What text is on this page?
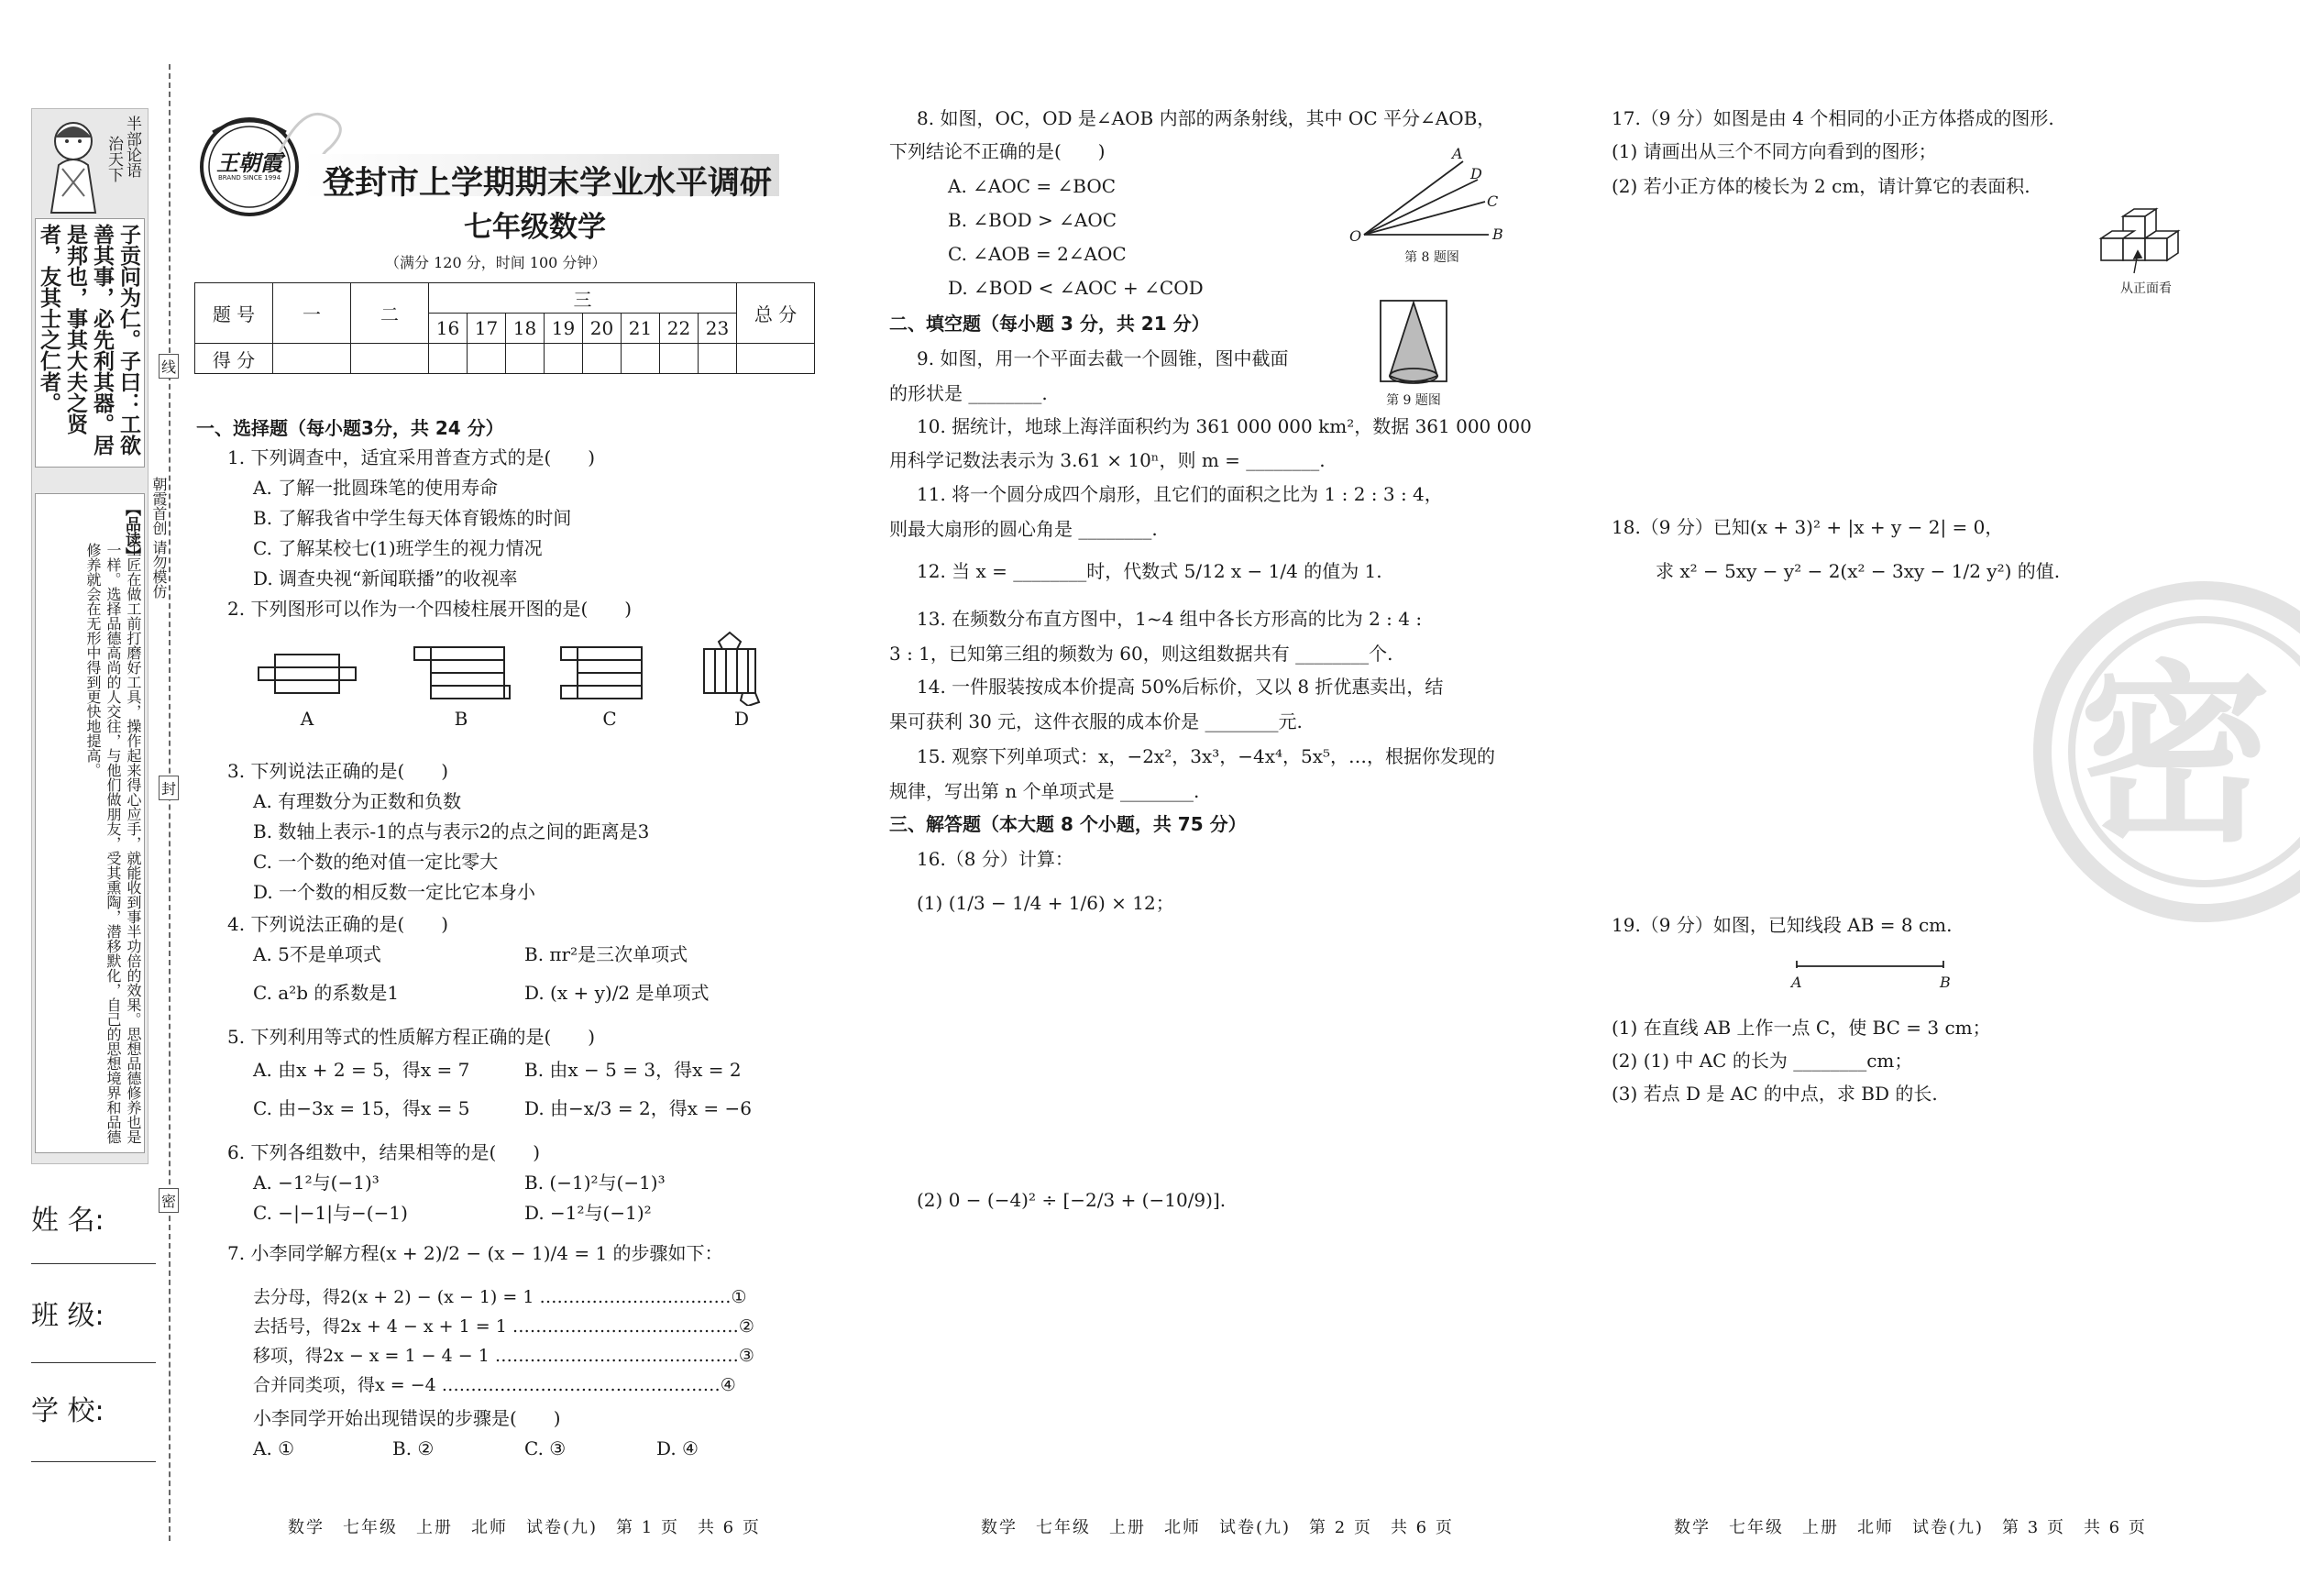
半部论语
治天下
子贡问为仁。子曰：工欲善其事，必先利其器。居是邦也，事其大夫之贤者，友其士之仁者。
【品读】
工匠在做工前打磨好工具，操作起来得心应手，就能收到事半功倍的效果。思想品德修养也是一样。选择品德高尚的人交往，与他们做朋友，受其熏陶，潜移默化，自己的思想境界和品德修养就会在无形中得到更快地提高。
姓 名:
班 级:
学 校:
线
朝霞首创 请勿模仿
封
密
王朝霞
BRAND SINCE 1994 登封市上学期期末学业水平调研
七年级数学
（满分 120 分，时间 100 分钟）
题 号	一	二	三								总 分
			16	17	18	19	20	21	22	23	
得 分											
一、选择题（每小题3分，共 24 分）
1. 下列调查中，适宜采用普查方式的是(　　)
A. 了解一批圆珠笔的使用寿命
B. 了解我省中学生每天体育锻炼的时间
C. 了解某校七(1)班学生的视力情况
D. 调查央视“新闻联播”的收视率
2. 下列图形可以作为一个四棱柱展开图的是(　　)
A	B	C	D
3. 下列说法正确的是(　　)
A. 有理数分为正数和负数
B. 数轴上表示-1的点与表示2的点之间的距离是3
C. 一个数的绝对值一定比零大
D. 一个数的相反数一定比它本身小
4. 下列说法正确的是(　　)
A. 5不是单项式	B. πr²是三次单项式
C. a²b 的系数是1	D. (x + y)/2 是单项式
5. 下列利用等式的性质解方程正确的是(　　)
A. 由x + 2 = 5，得x = 7	B. 由x − 5 = 3，得x = 2
C. 由−3x = 15，得x = 5	D. 由−x/3 = 2，得x = −6
6. 下列各组数中，结果相等的是(　　)
A. −1²与(−1)³	B. (−1)²与(−1)³
C. −|−1|与−(−1)	D. −1²与(−1)²
7. 小李同学解方程(x + 2)/2 − (x − 1)/4 = 1 的步骤如下：
去分母，得2(x + 2) − (x − 1) = 1 ……………………………①
去括号，得2x + 4 − x + 1 = 1 …………………………………②
移项，得2x − x = 1 − 4 − 1 ……………………………………③
合并同类项，得x = −4 …………………………………………④
小李同学开始出现错误的步骤是(　　)
A. ①	B. ②	C. ③	D. ④
数学　七年级　上册　北师　试卷(九)　第 1 页　共 6 页
8. 如图，OC，OD 是∠AOB 内部的两条射线，其中 OC 平分∠AOB，
下列结论不正确的是(　　)
A. ∠AOC = ∠BOC
B. ∠BOD > ∠AOC
C. ∠AOB = 2∠AOC
D. ∠BOD < ∠AOC + ∠COD
A
D
C
B
O
第 8 题图
二、填空题（每小题 3 分，共 21 分）
9. 如图，用一个平面去截一个圆锥，图中截面
的形状是 ________.	第 9 题图
10. 据统计，地球上海洋面积约为 361 000 000 km²，数据 361 000 000
用科学记数法表示为 3.61 × 10ⁿ，则 m = ________.
11. 将一个圆分成四个扇形，且它们的面积之比为 1 : 2 : 3 : 4，
则最大扇形的圆心角是 ________.
12. 当 x = ________时，代数式 5/12 x − 1/4 的值为 1.
13. 在频数分布直方图中，1~4 组中各长方形高的比为 2 : 4 :
3 : 1，已知第三组的频数为 60，则这组数据共有 ________个.
14. 一件服装按成本价提高 50%后标价，又以 8 折优惠卖出，结
果可获利 30 元，这件衣服的成本价是 ________元.
15. 观察下列单项式：x，−2x²，3x³，−4x⁴，5x⁵，…，根据你发现的
规律，写出第 n 个单项式是 ________.
三、解答题（本大题 8 个小题，共 75 分）
16.（8 分）计算：
(1) (1/3 − 1/4 + 1/6) × 12；
(2) 0 − (−4)² ÷ [−2/3 + (−10/9)].
数学　七年级　上册　北师　试卷(九)　第 2 页　共 6 页
17.（9 分）如图是由 4 个相同的小正方体搭成的图形.
(1) 请画出从三个不同方向看到的图形；
(2) 若小正方体的棱长为 2 cm，请计算它的表面积.
从正面看
18.（9 分）已知(x + 3)² + |x + y − 2| = 0，
求 x² − 5xy − y² − 2(x² − 3xy − 1/2 y²) 的值.
19.（9 分）如图，已知线段 AB = 8 cm.
A	B
(1) 在直线 AB 上作一点 C，使 BC = 3 cm；
(2) (1) 中 AC 的长为 ________cm；
(3) 若点 D 是 AC 的中点，求 BD 的长.
密
数学　七年级　上册　北师　试卷(九)　第 3 页　共 6 页
